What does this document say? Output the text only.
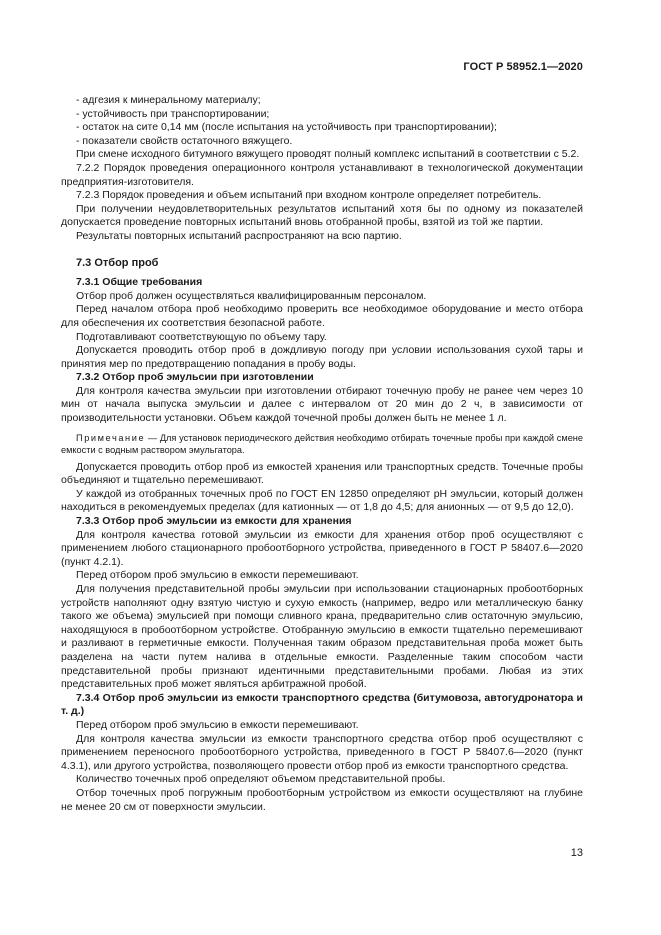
ГОСТ Р 58952.1—2020

- адгезия к минеральному материалу;

- устойчивость при транспортировании;

- остаток на сите 0,14 мм (после испытания на устойчивость при транспортировании);

- показатели свойств остаточного вяжущего.

При смене исходного битумного вяжущего проводят полный комплекс испытаний в соответствии с 5.2.

7.2.2 Порядок проведения операционного контроля устанавливают в технологической документации предприятия-изготовителя.

7.2.3 Порядок проведения и объем испытаний при входном контроле определяет потребитель.

При получении неудовлетворительных результатов испытаний хотя бы по одному из показателей допускается проведение повторных испытаний вновь отобранной пробы, взятой из той же партии.

Результаты повторных испытаний распространяют на всю партию.

7.3 Отбор проб

7.3.1 Общие требования

Отбор проб должен осуществляться квалифицированным персоналом.

Перед началом отбора проб необходимо проверить все необходимое оборудование и место отбора для обеспечения их соответствия безопасной работе.

Подготавливают соответствующую по объему тару.

Допускается проводить отбор проб в дождливую погоду при условии использования сухой тары и принятия мер по предотвращению попадания в пробу воды.

7.3.2 Отбор проб эмульсии при изготовлении

Для контроля качества эмульсии при изготовлении отбирают точечную пробу не ранее чем через 10 мин от начала выпуска эмульсии и далее с интервалом от 20 мин до 2 ч, в зависимости от производительности установки. Объем каждой точечной пробы должен быть не менее 1 л.

Примечание — Для установок периодического действия необходимо отбирать точечные пробы при каждой смене емкости с водным раствором эмульгатора.

Допускается проводить отбор проб из емкостей хранения или транспортных средств. Точечные пробы объединяют и тщательно перемешивают.

У каждой из отобранных точечных проб по ГОСТ EN 12850 определяют pH эмульсии, который должен находиться в рекомендуемых пределах (для катионных — от 1,8 до 4,5; для анионных — от 9,5 до 12,0).

7.3.3 Отбор проб эмульсии из емкости для хранения

Для контроля качества готовой эмульсии из емкости для хранения отбор проб осуществляют с применением любого стационарного пробоотборного устройства, приведенного в ГОСТ Р 58407.6—2020 (пункт 4.2.1).

Перед отбором проб эмульсию в емкости перемешивают.

Для получения представительной пробы эмульсии при использовании стационарных пробоотборных устройств наполняют одну взятую чистую и сухую емкость (например, ведро или металлическую банку такого же объема) эмульсией при помощи сливного крана, предварительно слив остаточную эмульсию, находящуюся в пробоотборном устройстве. Отобранную эмульсию в емкости тщательно перемешивают и разливают в герметичные емкости. Полученная таким образом представительная проба может быть разделена на части путем налива в отдельные емкости. Разделенные таким способом части представительной пробы признают идентичными представительными пробами. Любая из этих представительных проб может являться арбитражной пробой.

7.3.4 Отбор проб эмульсии из емкости транспортного средства (битумовоза, автогудронатора и т. д.)

Перед отбором проб эмульсию в емкости перемешивают.

Для контроля качества эмульсии из емкости транспортного средства отбор проб осуществляют с применением переносного пробоотборного устройства, приведенного в ГОСТ Р 58407.6—2020 (пункт 4.3.1), или другого устройства, позволяющего провести отбор проб из емкости транспортного средства.

Количество точечных проб определяют объемом представительной пробы.

Отбор точечных проб погружным пробоотборным устройством из емкости осуществляют на глубине не менее 20 см от поверхности эмульсии.

13
